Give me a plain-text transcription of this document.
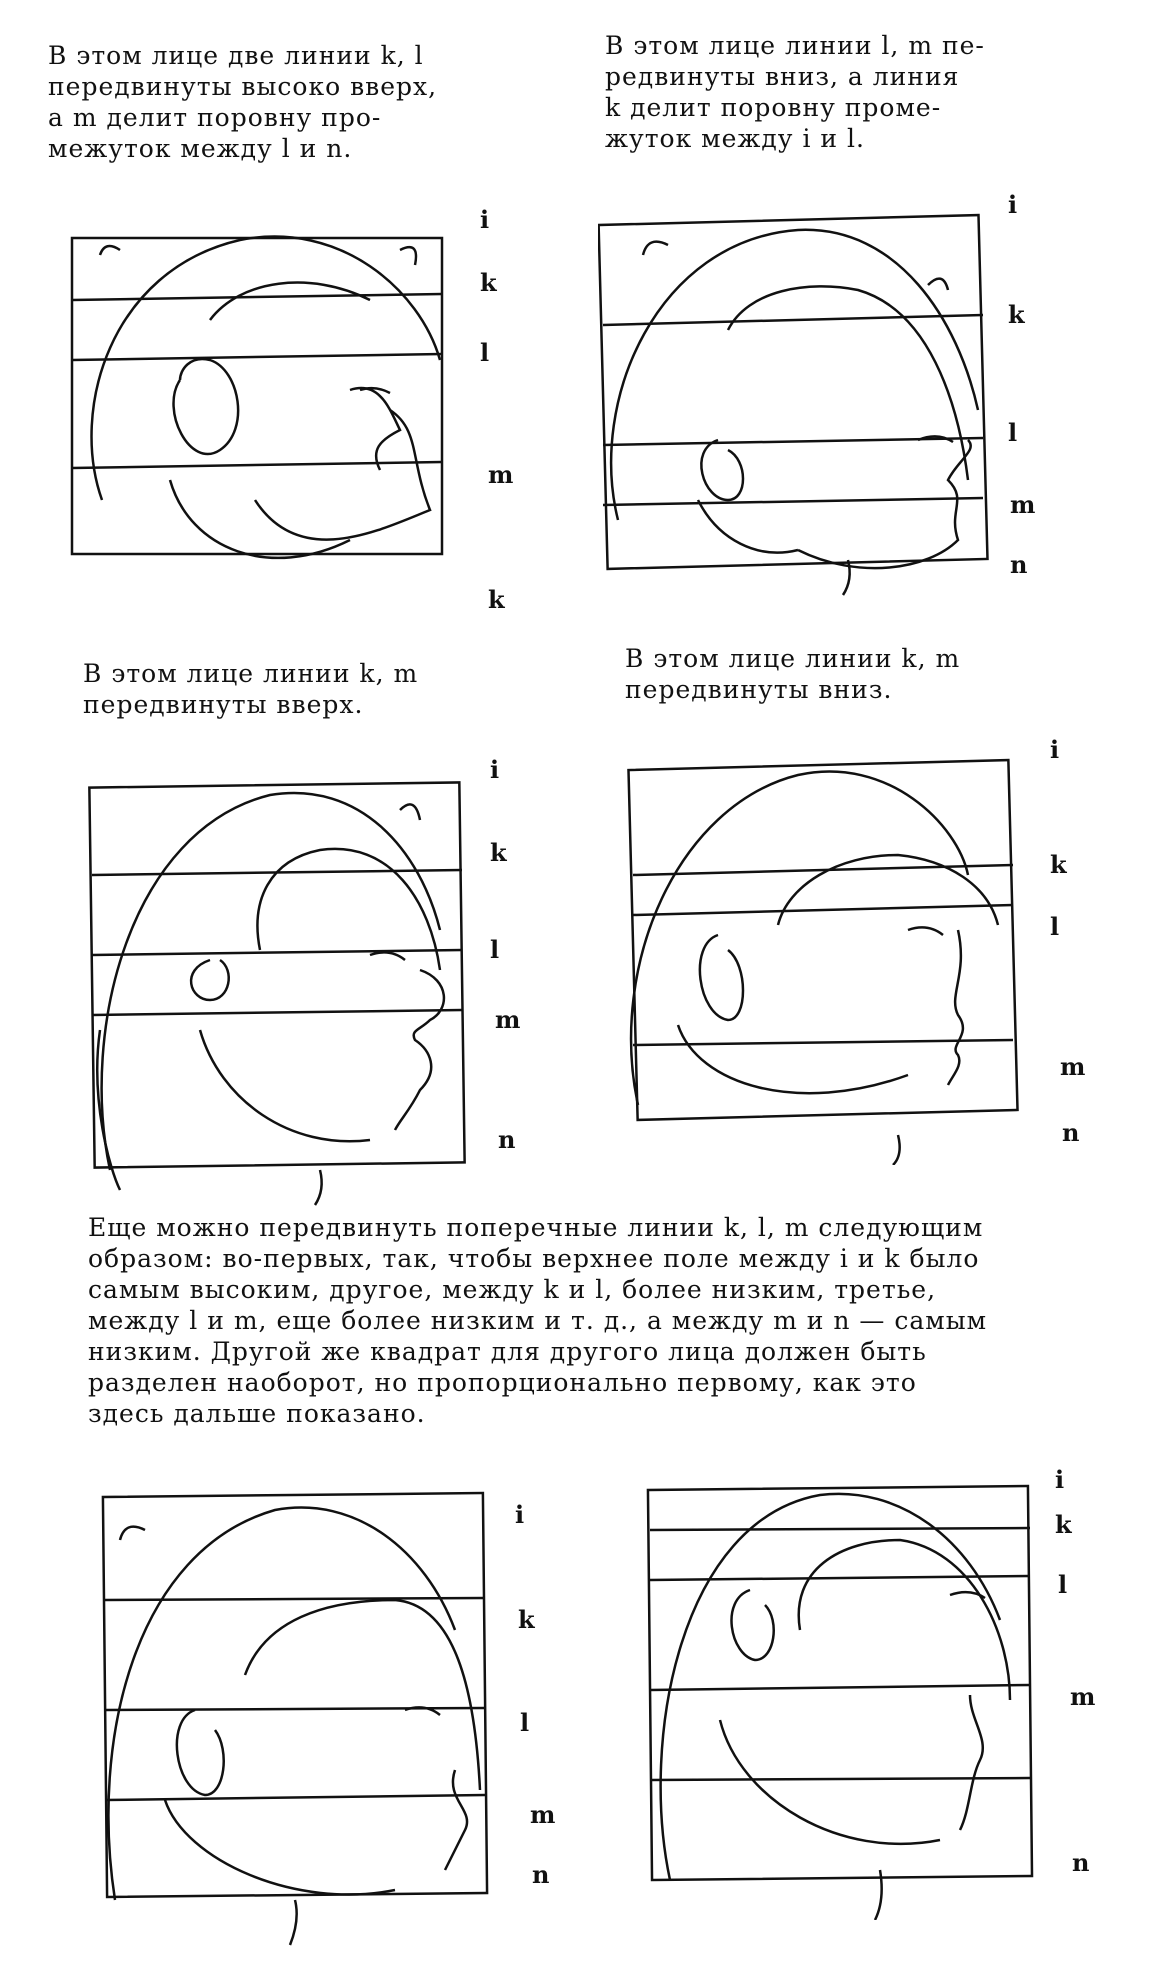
В этом лице две линии k, l
передвинуты высоко вверх,
а m делит поровну про-
межуток между l и n.

В этом лице линии l, m пе-
редвинуты вниз, а линия
k делит поровну проме-
жуток между i и l.

В этом лице линии k, m
передвинуты вверх.

В этом лице линии k, m
передвинуты вниз.

i
k
l
m
k
i
k
l
m
n
i
k
l
m
n
i
k
l
m
n

Еще можно передвинуть поперечные линии k, l, m следующим
образом: во-первых, так, чтобы верхнее поле между i и k было
самым высоким, другое, между k и l, более низким, третье,
между l и m, еще более низким и т. д., а между m и n — самым
низким. Другой же квадрат для другого лица должен быть
разделен наоборот, но пропорционально первому, как это
здесь дальше показано.

i
k
l
m
n
i
k
l
m
n
